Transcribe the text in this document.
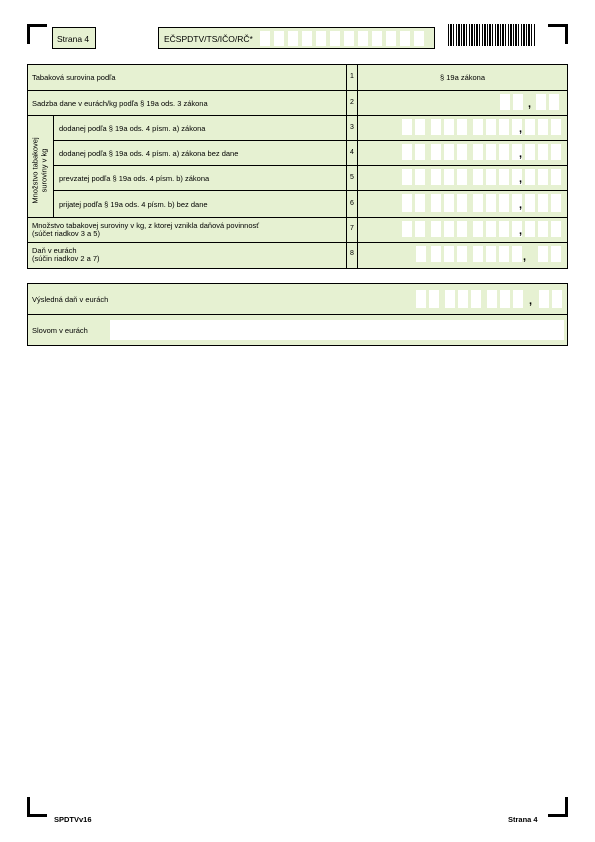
Strana 4	EČSPDTV/TS/IČO/RČ*
Tabaková surovina podľa	1	§ 19a zákona
Sadzba dane v eurách/kg podľa § 19a ods. 3 zákona	2	,
Množstvo tabakovej suroviny v kg
dodanej podľa § 19a ods. 4 písm. a) zákona	3	,
dodanej podľa § 19a ods. 4 písm. a) zákona bez dane	4	,
prevzatej podľa § 19a ods. 4 písm. b) zákona	5	,
prijatej podľa § 19a ods. 4 písm. b) bez dane	6	,
Množstvo tabakovej suroviny v kg, z ktorej vznikla daňová povinnosť
(súčet riadkov 3 a 5)
7	,
Daň v eurách
(súčin riadkov 2 a 7)
8	,
Výsledná daň v eurách	,
Slovom v eurách
SPDTVv16	Strana 4
